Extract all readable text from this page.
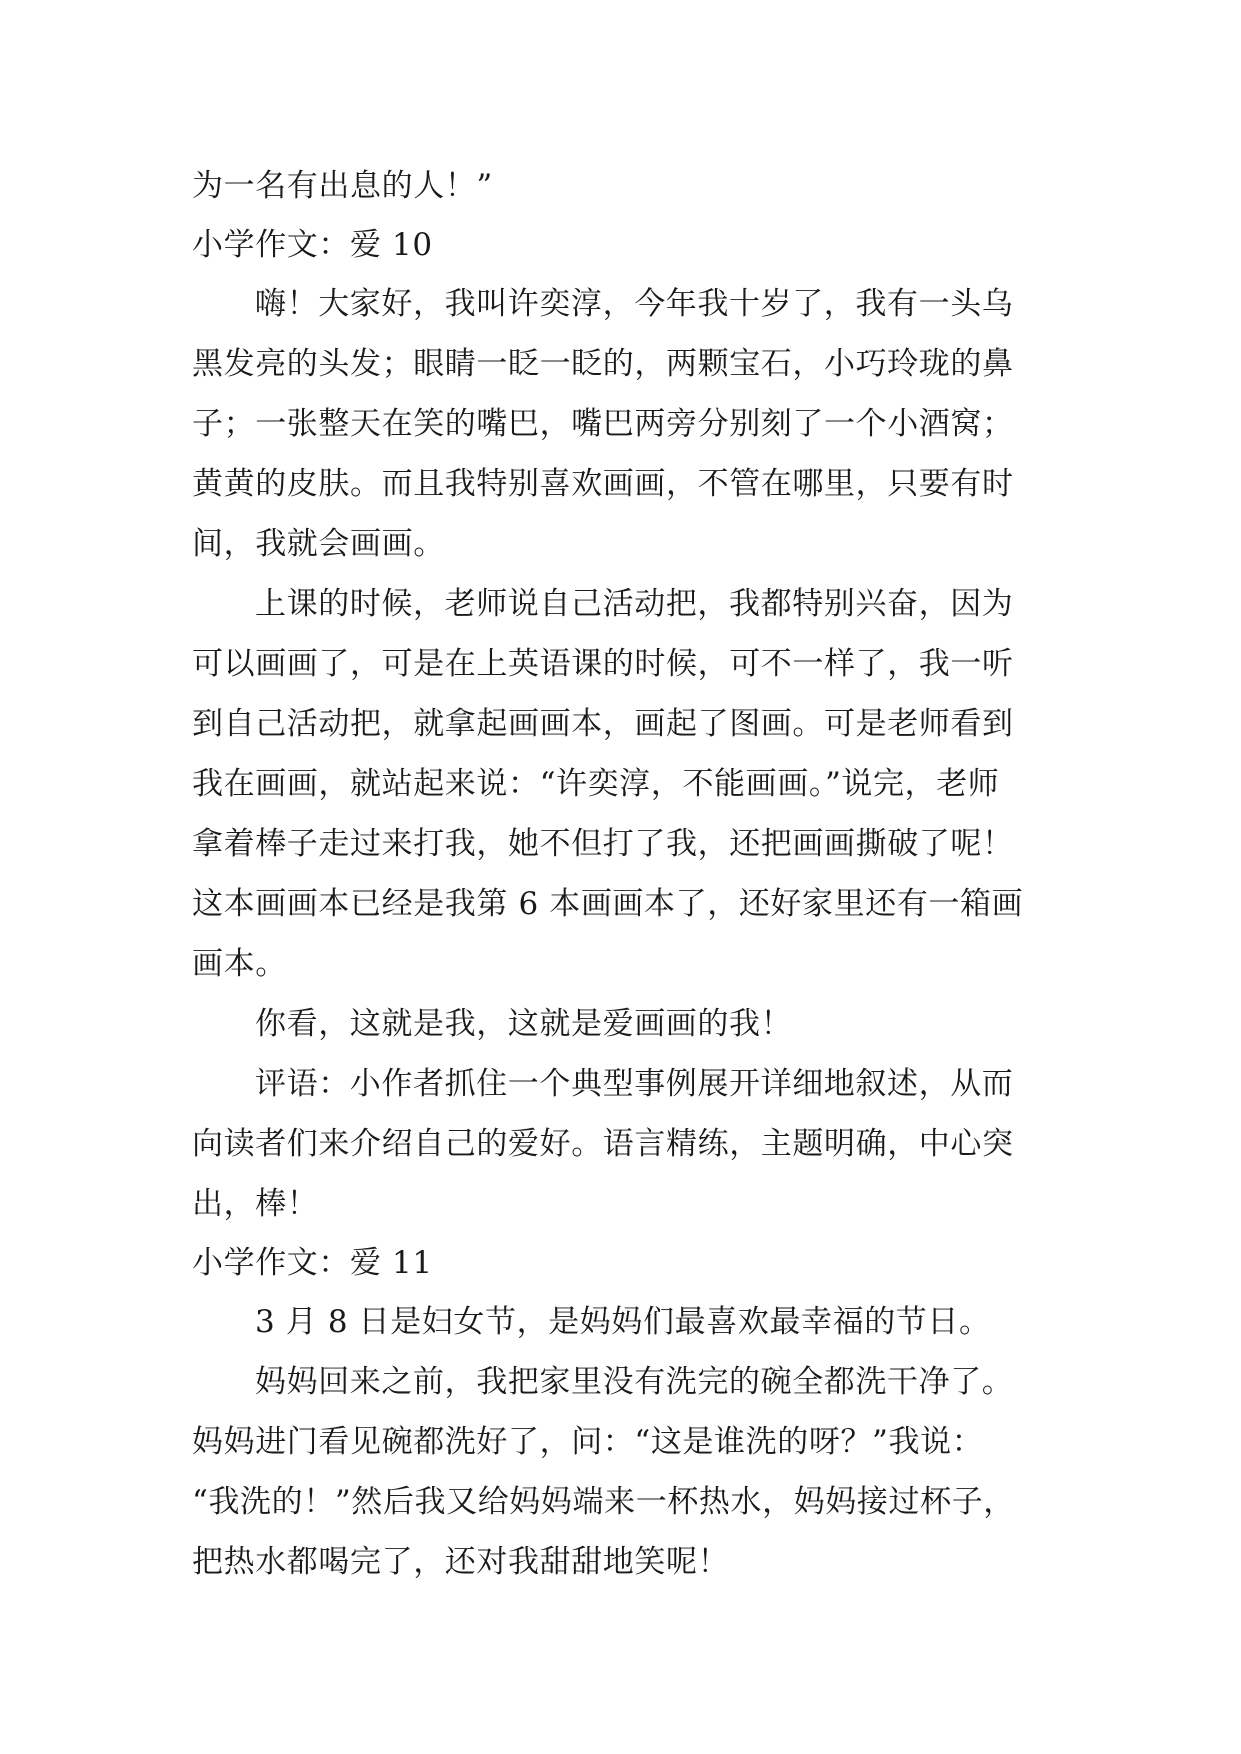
为一名有出息的人！”
小学作文：爱 10
嗨！大家好，我叫许奕淳，今年我十岁了，我有一头乌
黑发亮的头发；眼睛一眨一眨的，两颗宝石，小巧玲珑的鼻
子；一张整天在笑的嘴巴，嘴巴两旁分别刻了一个小酒窝；
黄黄的皮肤。而且我特别喜欢画画，不管在哪里，只要有时
间，我就会画画。
上课的时候，老师说自己活动把，我都特别兴奋，因为
可以画画了，可是在上英语课的时候，可不一样了，我一听
到自己活动把，就拿起画画本，画起了图画。可是老师看到
我在画画，就站起来说：“许奕淳，不能画画。”说完，老师
拿着棒子走过来打我，她不但打了我，还把画画撕破了呢！
这本画画本已经是我第 6 本画画本了，还好家里还有一箱画
画本。
你看，这就是我，这就是爱画画的我！
评语：小作者抓住一个典型事例展开详细地叙述，从而
向读者们来介绍自己的爱好。语言精练，主题明确，中心突
出，棒！
小学作文：爱 11
3 月 8 日是妇女节，是妈妈们最喜欢最幸福的节日。
妈妈回来之前，我把家里没有洗完的碗全都洗干净了。
妈妈进门看见碗都洗好了，问：“这是谁洗的呀？”我说：
“我洗的！”然后我又给妈妈端来一杯热水，妈妈接过杯子，
把热水都喝完了，还对我甜甜地笑呢！
